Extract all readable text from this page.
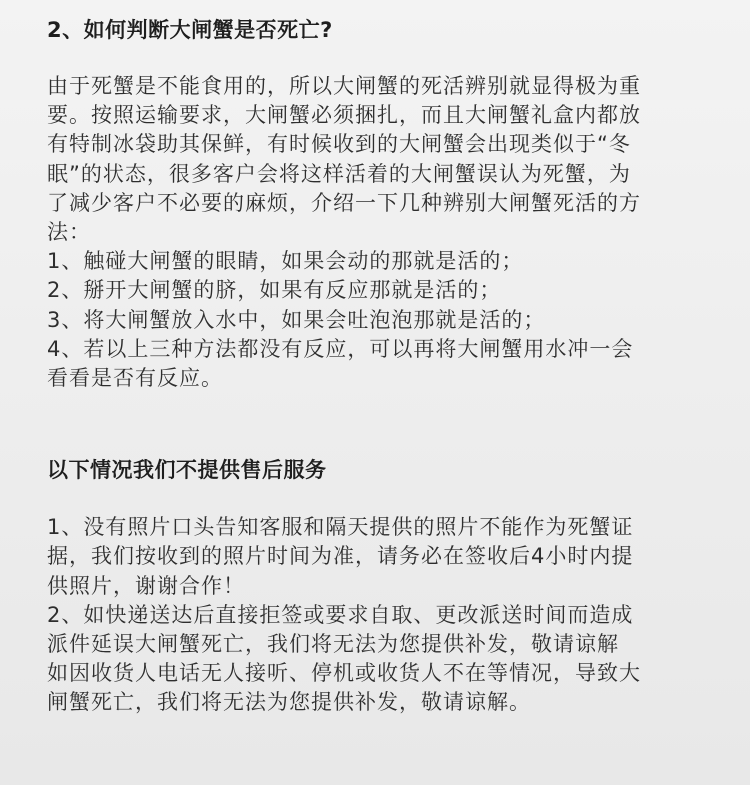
2、如何判断大闸蟹是否死亡?
由于死蟹是不能食用的，所以大闸蟹的死活辨别就显得极为重
要。按照运输要求，大闸蟹必须捆扎，而且大闸蟹礼盒内都放
有特制冰袋助其保鲜，有时候收到的大闸蟹会出现类似于“冬
眠”的状态，很多客户会将这样活着的大闸蟹误认为死蟹，为
了减少客户不必要的麻烦，介绍一下几种辨别大闸蟹死活的方
法：
1、触碰大闸蟹的眼睛，如果会动的那就是活的；
2、掰开大闸蟹的脐，如果有反应那就是活的；
3、将大闸蟹放入水中，如果会吐泡泡那就是活的；
4、若以上三种方法都没有反应，可以再将大闸蟹用水冲一会
看看是否有反应。
以下情况我们不提供售后服务
1、没有照片口头告知客服和隔天提供的照片不能作为死蟹证
据，我们按收到的照片时间为准，请务必在签收后4小时内提
供照片，谢谢合作！
2、如快递送达后直接拒签或要求自取、更改派送时间而造成
派件延误大闸蟹死亡，我们将无法为您提供补发，敬请谅解
如因收货人电话无人接听、停机或收货人不在等情况，导致大
闸蟹死亡，我们将无法为您提供补发，敬请谅解。
